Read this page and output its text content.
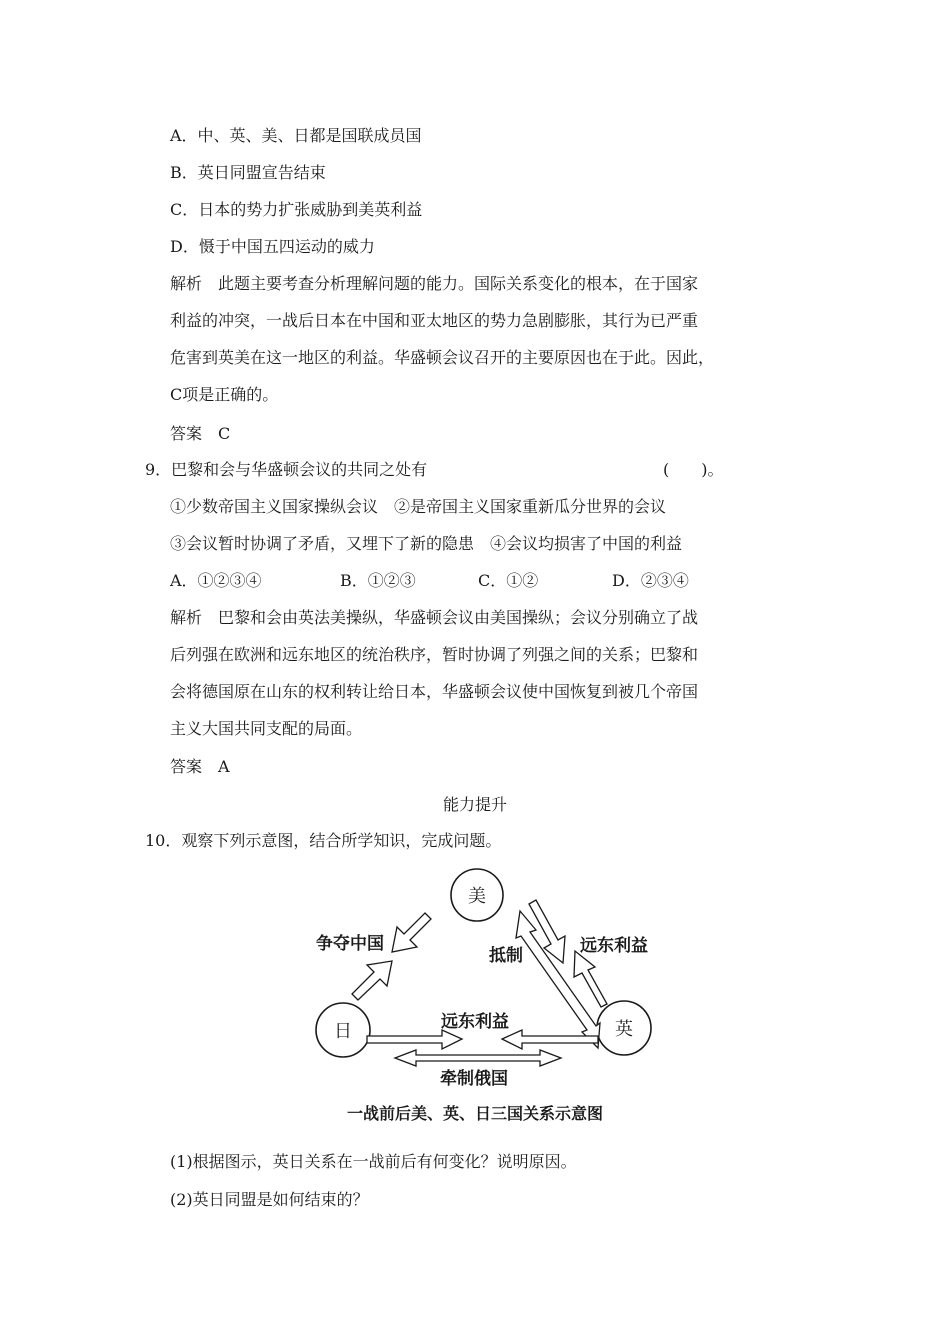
A．中、英、美、日都是国联成员国
B．英日同盟宣告结束
C．日本的势力扩张威胁到美英利益
D．慑于中国五四运动的威力
解析　此题主要考查分析理解问题的能力。国际关系变化的根本，在于国家
利益的冲突，一战后日本在中国和亚太地区的势力急剧膨胀，其行为已严重
危害到英美在这一地区的利益。华盛顿会议召开的主要原因也在于此。因此，
C项是正确的。
答案　C
9．巴黎和会与华盛顿会议的共同之处有	(　　)。
①少数帝国主义国家操纵会议　②是帝国主义国家重新瓜分世界的会议
③会议暂时协调了矛盾，又埋下了新的隐患　④会议均损害了中国的利益
A．①②③④	B．①②③	C．①②	D．②③④
解析　巴黎和会由英法美操纵，华盛顿会议由美国操纵；会议分别确立了战
后列强在欧洲和远东地区的统治秩序，暂时协调了列强之间的关系；巴黎和
会将德国原在山东的权利转让给日本，华盛顿会议使中国恢复到被几个帝国
主义大国共同支配的局面。
答案　A
能力提升
10．观察下列示意图，结合所学知识，完成问题。
美
日	英
争夺中国
抵制	远东利益
远东利益
牵制俄国
一战前后美、英、日三国关系示意图
(1)根据图示，英日关系在一战前后有何变化？说明原因。
(2)英日同盟是如何结束的？
